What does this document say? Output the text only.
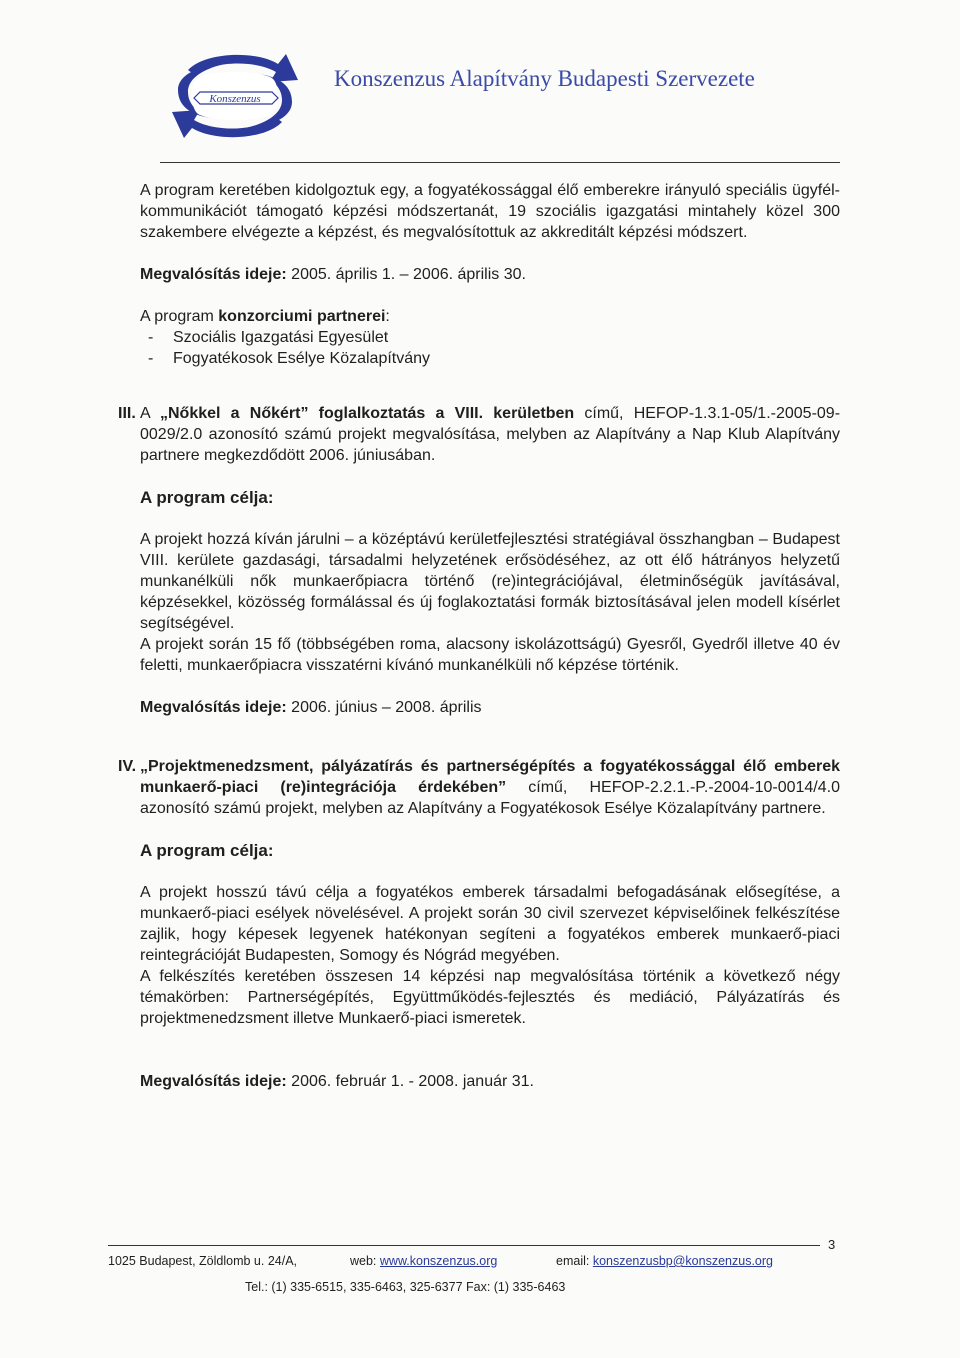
Konszenzus
Konszenzus Alapítvány Budapesti Szervezete

A program keretében kidolgoztuk egy, a fogyatékossággal élő emberekre irányuló speciális ügyfél-kommunikációt támogató képzési módszertanát, 19 szociális igazgatási mintahely közel 300 szakembere elvégezte a képzést, és megvalósítottuk az akkreditált képzési módszert.

Megvalósítás ideje: 2005. április 1. – 2006. április 30.

A program konzorciumi partnerei:

- Szociális Igazgatási Egyesület
- Fogyatékosok Esélye Közalapítvány
III. A „Nőkkel a Nőkért” foglalkoztatás a VIII. kerületben című, HEFOP-1.3.1-05/1.-2005-09-0029/2.0 azonosító számú projekt megvalósítása, melyben az Alapítvány a Nap Klub Alapítvány partnere megkezdődött 2006. júniusában.

A program célja:

A projekt hozzá kíván járulni – a középtávú kerületfejlesztési stratégiával összhangban – Budapest VIII. kerülete gazdasági, társadalmi helyzetének erősödéséhez, az ott élő hátrányos helyzetű munkanélküli nők munkaerőpiacra történő (re)integrációjával, életminőségük javításával, képzésekkel, közösség formálással és új foglakoztatási formák biztosításával jelen modell kísérlet segítségével.

A projekt során 15 fő (többségében roma, alacsony iskolázottságú) Gyesről, Gyedről illetve 40 év feletti, munkaerőpiacra visszatérni kívánó munkanélküli nő képzése történik.

Megvalósítás ideje: 2006. június – 2008. április

IV. „Projektmenedzsment, pályázatírás és partnerségépítés a fogyatékossággal élő emberek munkaerő-piaci (re)integrációja érdekében” című, HEFOP-2.2.1.-P.-2004-10-0014/4.0 azonosító számú projekt, melyben az Alapítvány a Fogyatékosok Esélye Közalapítvány partnere.

A program célja:

A projekt hosszú távú célja a fogyatékos emberek társadalmi befogadásának elősegítése, a munkaerő-piaci esélyek növelésével. A projekt során 30 civil szervezet képviselőinek felkészítése zajlik, hogy képesek legyenek hatékonyan segíteni a fogyatékos emberek munkaerő-piaci reintegrációját Budapesten, Somogy és Nógrád megyében.

A felkészítés keretében összesen 14 képzési nap megvalósítása történik a következő négy témakörben: Partnerségépítés, Együttműködés-fejlesztés és mediáció, Pályázatírás és projektmenedzsment illetve Munkaerő-piaci ismeretek.

Megvalósítás ideje: 2006. február 1. - 2008. január 31.

3
1025 Budapest, Zöldlomb u. 24/A,	web: www.konszenzus.org	email: konszenzusbp@konszenzus.org
Tel.: (1) 335-6515, 335-6463, 325-6377 Fax: (1) 335-6463
